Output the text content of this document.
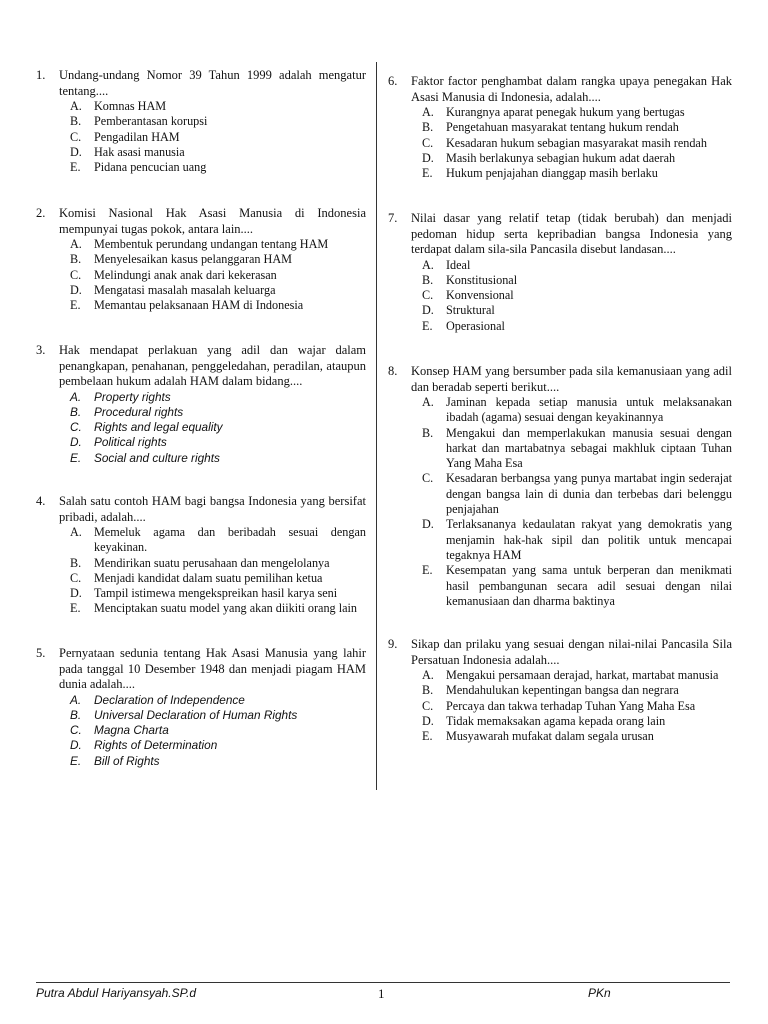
1.	Undang-undang Nomor 39 Tahun 1999 adalah mengatur tentang....
A. Komnas HAM
B.	Pemberantasan korupsi
C.	Pengadilan HAM
D. Hak asasi manusia
E.	Pidana pencucian uang
2.	Komisi Nasional Hak Asasi Manusia di Indonesia mempunyai tugas pokok, antara lain....
A. Membentuk perundang undangan tentang HAM
B.	Menyelesaikan kasus pelanggaran HAM
C.	Melindungi anak anak dari kekerasan
D. Mengatasi masalah masalah keluarga
E.	Memantau pelaksanaan HAM di Indonesia
3.	Hak mendapat perlakuan yang adil dan wajar dalam penangkapan, penahanan, penggeledahan, peradilan, ataupun pembelaan hukum adalah HAM dalam bidang....
A.	Property rights
B.	Procedural rights
C.	Rights and legal equality
D.	Political rights
E.	Social and culture rights
4.	Salah satu contoh HAM bagi bangsa Indonesia yang bersifat pribadi, adalah....
A. Memeluk agama dan beribadah sesuai dengan keyakinan.
B.	Mendirikan suatu perusahaan dan mengelolanya
C.	Menjadi kandidat dalam suatu pemilihan ketua
D. Tampil istimewa mengekspreikan hasil karya seni
E.	Menciptakan suatu model yang akan diikiti orang lain
5.	Pernyataan sedunia tentang Hak Asasi Manusia yang lahir pada tanggal 10 Desember 1948 dan menjadi piagam HAM dunia adalah....
A.	Declaration of Independence
B.	Universal Declaration of Human Rights
C.	Magna Charta
D.	Rights of Determination
E.	Bill of Rights
6.	Faktor factor penghambat dalam rangka upaya penegakan Hak Asasi Manusia di Indonesia, adalah....
A. Kurangnya aparat penegak hukum yang bertugas
B.	Pengetahuan masyarakat tentang hukum rendah
C.	Kesadaran hukum sebagian masyarakat masih rendah
D. Masih berlakunya sebagian hukum adat daerah
E.	Hukum penjajahan dianggap masih berlaku
7.	Nilai dasar yang relatif tetap (tidak berubah) dan menjadi pedoman hidup serta kepribadian bangsa Indonesia yang terdapat dalam sila-sila Pancasila disebut landasan....
A. Ideal
B.	Konstitusional
C.	Konvensional
D. Struktural
E.	Operasional
8.	Konsep HAM yang bersumber pada sila kemanusiaan yang adil dan beradab seperti berikut....
A. Jaminan kepada setiap manusia untuk melaksanakan ibadah (agama) sesuai dengan keyakinannya
B.	Mengakui dan memperlakukan manusia sesuai dengan harkat dan martabatnya sebagai makhluk ciptaan Tuhan Yang Maha Esa
C.	Kesadaran berbangsa yang punya martabat ingin sederajat dengan bangsa lain di dunia dan terbebas dari belenggu penjajahan
D. Terlaksananya kedaulatan rakyat yang demokratis yang menjamin hak-hak sipil dan politik untuk mencapai tegaknya HAM
E.	Kesempatan yang sama untuk berperan dan menikmati hasil pembangunan secara adil sesuai dengan nilai kemanusiaan dan dharma baktinya
9.	Sikap dan prilaku yang sesuai dengan nilai-nilai Pancasila Sila Persatuan Indonesia adalah....
A. Mengakui persamaan derajad, harkat, martabat manusia
B.	Mendahulukan kepentingan bangsa dan negrara
C.	Percaya dan takwa terhadap Tuhan Yang Maha Esa
D. Tidak memaksakan agama kepada orang lain
E.	Musyawarah mufakat dalam segala urusan
Putra Abdul Hariyansyah.SP.d	1	PKn
